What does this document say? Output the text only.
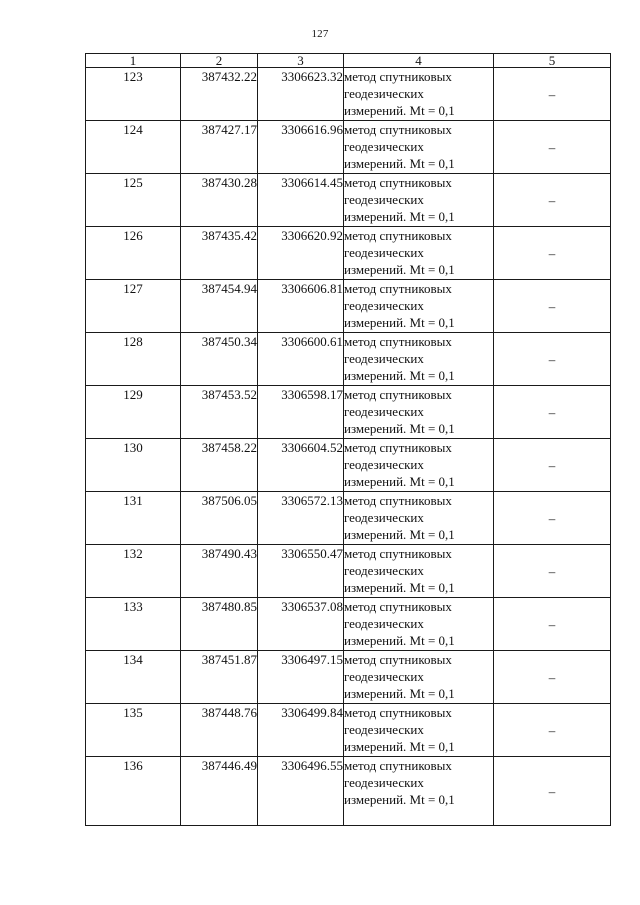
127
1	2	3	4	5
123	387432.22	3306623.32	метод спутниковых
геодезических
измерений. Mt = 0,1	–
124	387427.17	3306616.96	метод спутниковых
геодезических
измерений. Mt = 0,1	–
125	387430.28	3306614.45	метод спутниковых
геодезических
измерений. Mt = 0,1	–
126	387435.42	3306620.92	метод спутниковых
геодезических
измерений. Mt = 0,1	–
127	387454.94	3306606.81	метод спутниковых
геодезических
измерений. Mt = 0,1	–
128	387450.34	3306600.61	метод спутниковых
геодезических
измерений. Mt = 0,1	–
129	387453.52	3306598.17	метод спутниковых
геодезических
измерений. Mt = 0,1	–
130	387458.22	3306604.52	метод спутниковых
геодезических
измерений. Mt = 0,1	–
131	387506.05	3306572.13	метод спутниковых
геодезических
измерений. Mt = 0,1	–
132	387490.43	3306550.47	метод спутниковых
геодезических
измерений. Mt = 0,1	–
133	387480.85	3306537.08	метод спутниковых
геодезических
измерений. Mt = 0,1	–
134	387451.87	3306497.15	метод спутниковых
геодезических
измерений. Mt = 0,1	–
135	387448.76	3306499.84	метод спутниковых
геодезических
измерений. Mt = 0,1	–
136	387446.49	3306496.55	метод спутниковых
геодезических
измерений. Mt = 0,1	–
